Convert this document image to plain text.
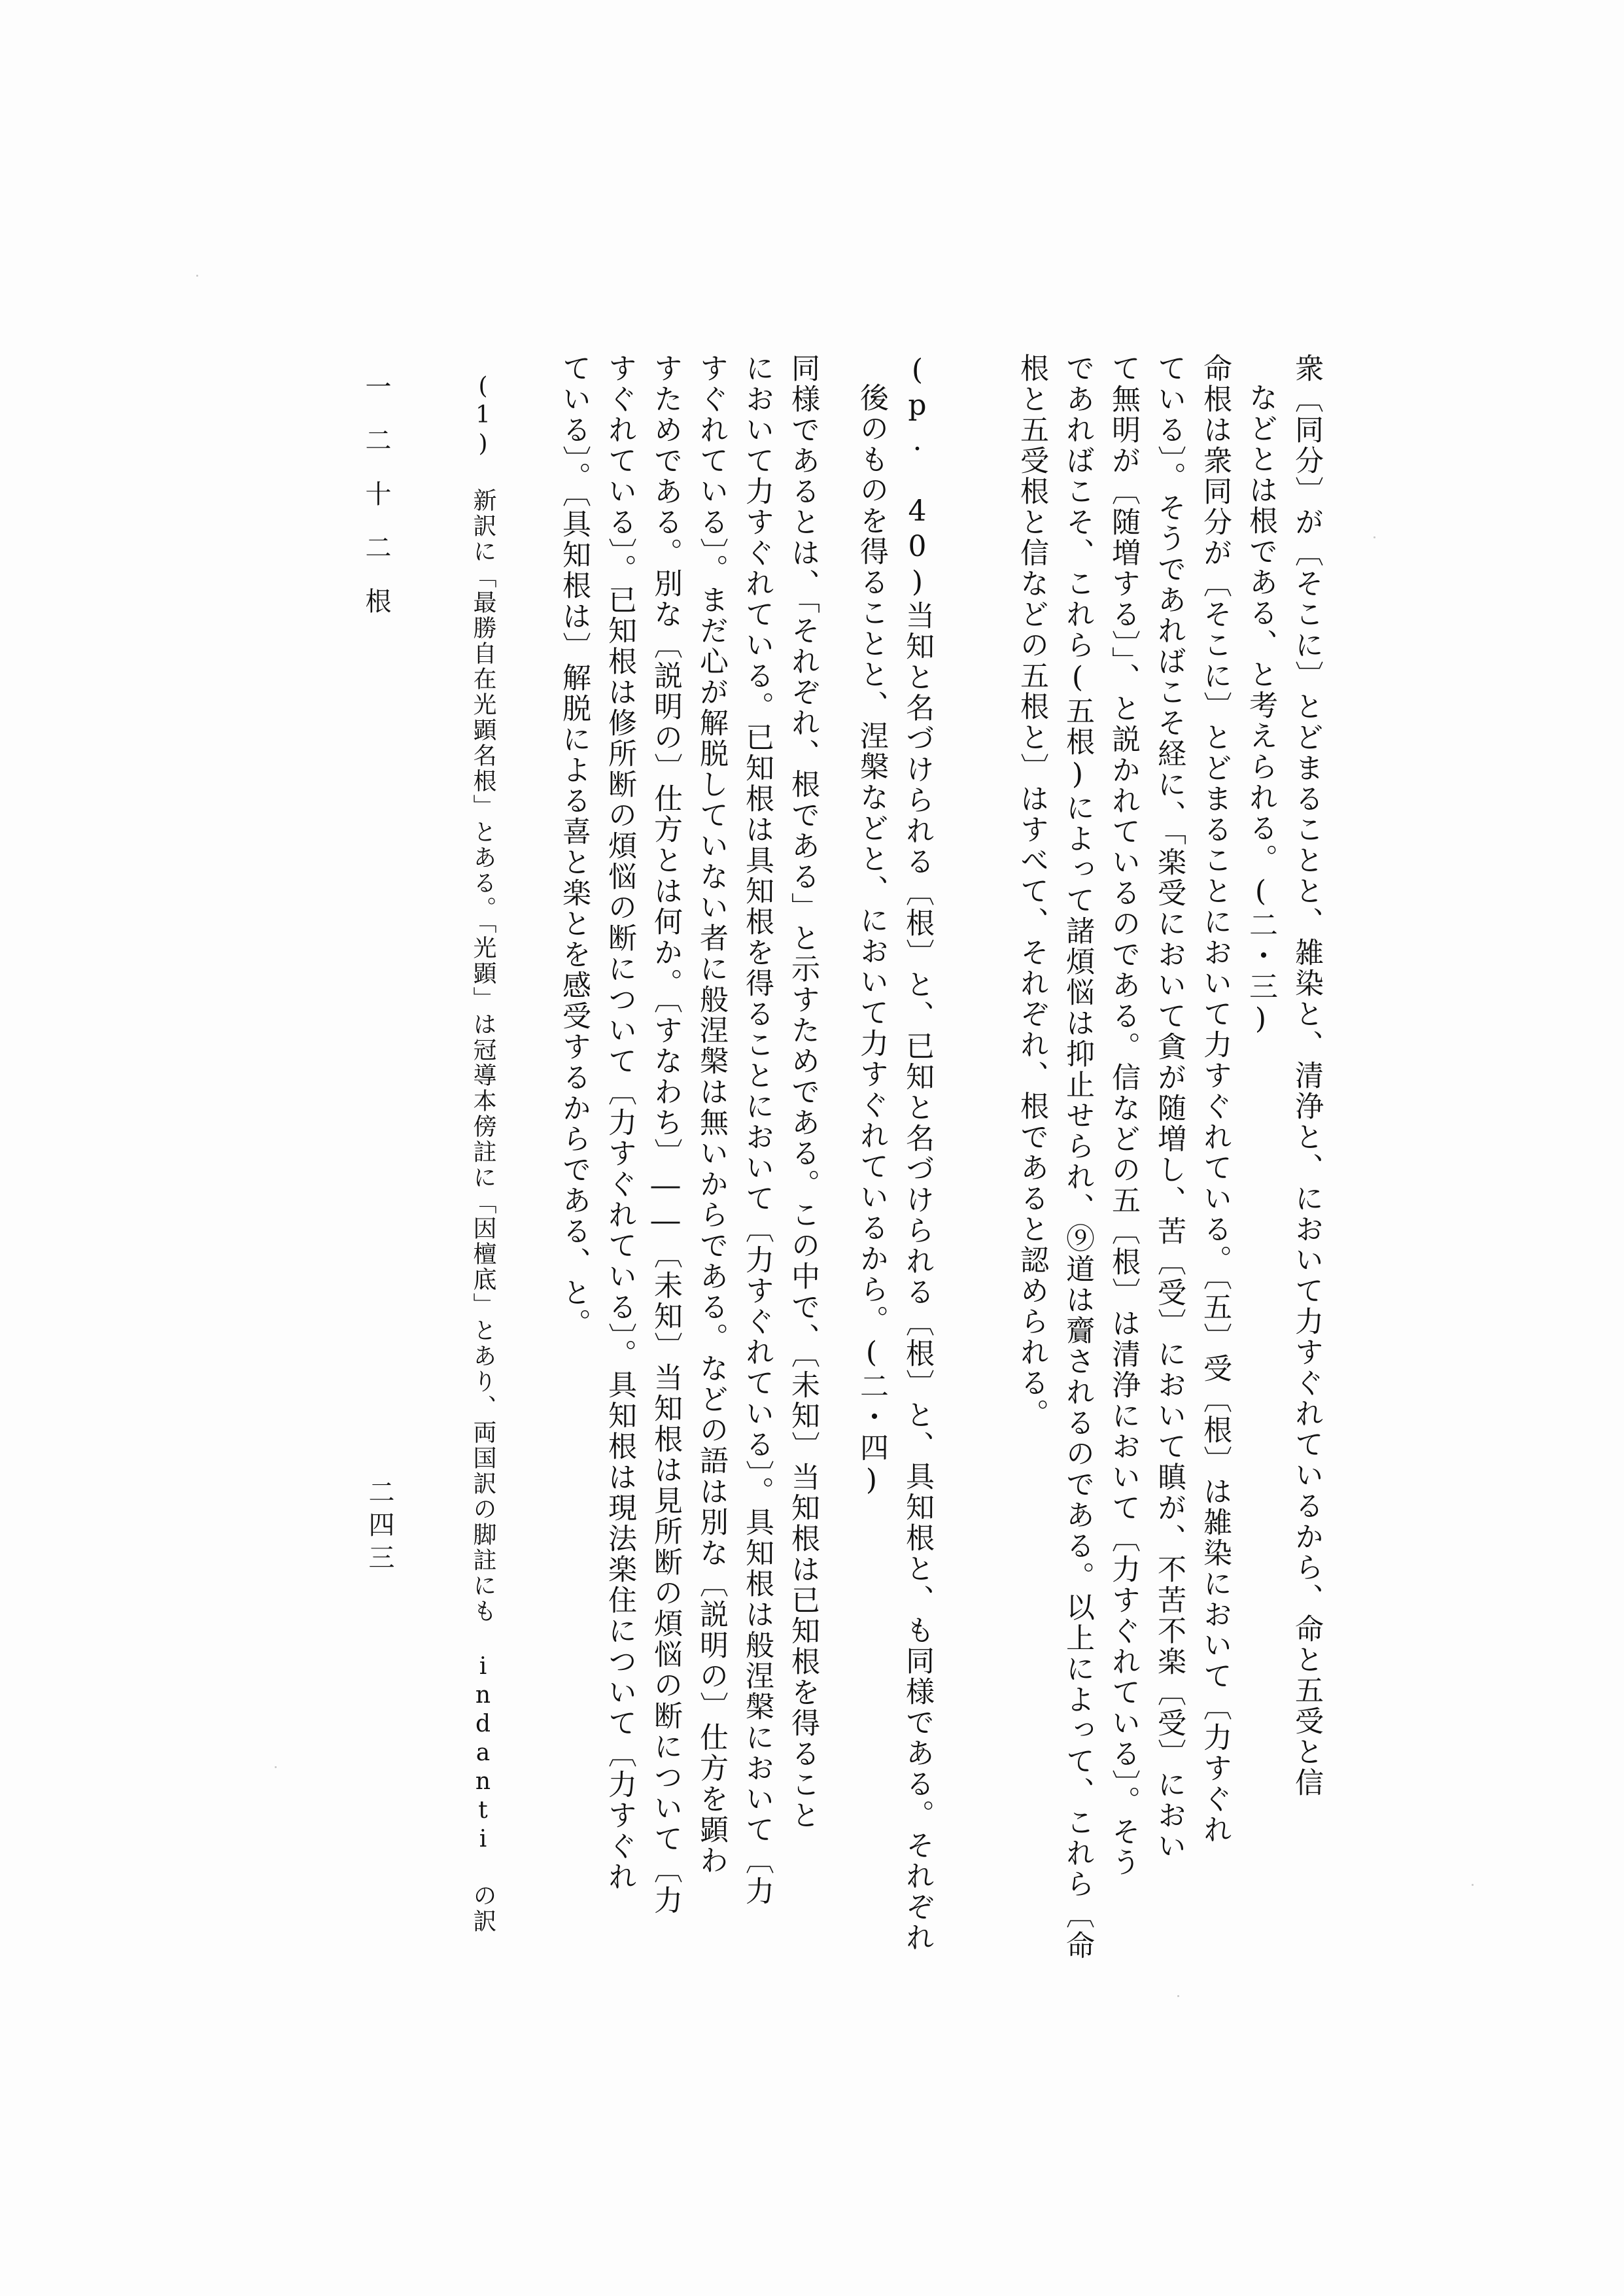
二四三	衆〔同分〕が〔そこに〕とどまることと、雑染と、清浄と、において力すぐれているから、命と五受と信
などとは根である、と考えられる。(二・三)
命根は衆同分が〔そこに〕とどまることにおいて力すぐれている。〔五〕受〔根〕は雑染において〔力すぐれ
ている〕。そうであればこそ経に、「楽受において貪が随増し、苦〔受〕において瞋が、不苦不楽〔受〕におい
て無明が〔随増する〕」、と説かれているのである。信などの五〔根〕は清浄において〔力すぐれている〕。そう
であればこそ、これら(五根)によって諸煩悩は抑止せられ、⑨道は齎されるのである。以上によって、これら〔命
根と五受根と信などの五根と〕はすべて、それぞれ、根であると認められる。
(p. 40)当知と名づけられる〔根〕と、已知と名づけられる〔根〕と、具知根と、も同様である。それぞれ
後のものを得ることと、涅槃などと、において力すぐれているから。(二・四)
同様であるとは、「それぞれ、根である」と示すためである。この中で、〔未知〕当知根は已知根を得ること
において力すぐれている。已知根は具知根を得ることにおいて〔力すぐれている〕。具知根は般涅槃において〔力
すぐれている〕。まだ心が解脱していない者に般涅槃は無いからである。などの語は別な〔説明の〕仕方を顕わ
すためである。別な〔説明の〕仕方とは何か。〔すなわち〕――〔未知〕当知根は見所断の煩悩の断について〔力
すぐれている〕。已知根は修所断の煩悩の断について〔力すぐれている〕。具知根は現法楽住について〔力すぐれ
ている〕。〔具知根は〕解脱による喜と楽とを感受するからである、と。
(1) 新訳に「最勝自在光顕名根」とある。「光顕」は冠導本傍註に「因檀底」とあり、両国訳の脚註にも indanti の訳
一二十二根
